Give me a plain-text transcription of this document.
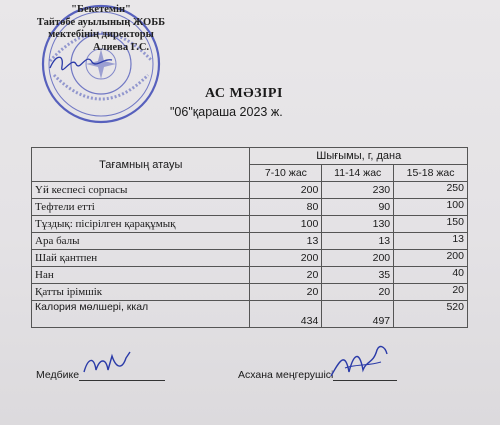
"Бекетемін"
Тайтөбе ауылының ЖОББ
мектебінің директоры
Алиева Г.С.
АС МӘЗІРІ
"06"қараша 2023 ж.
Тағамның атауы	Шығымы, г, дана		
	7-10 жас	11-14 жас	15-18 жас
Үй кеспесі сорпасы	200	230	250
Тефтели етті	80	90	100
Тұздық: пісірілген қарақұмық	100	130	150
Ара балы	13	13	13
Шай қантпен	200	200	200
Нан	20	35	40
Қатты ірімшік	20	20	20
Калория мөлшері, ккал	434	497	520
Медбике	Асхана меңгерушісі
